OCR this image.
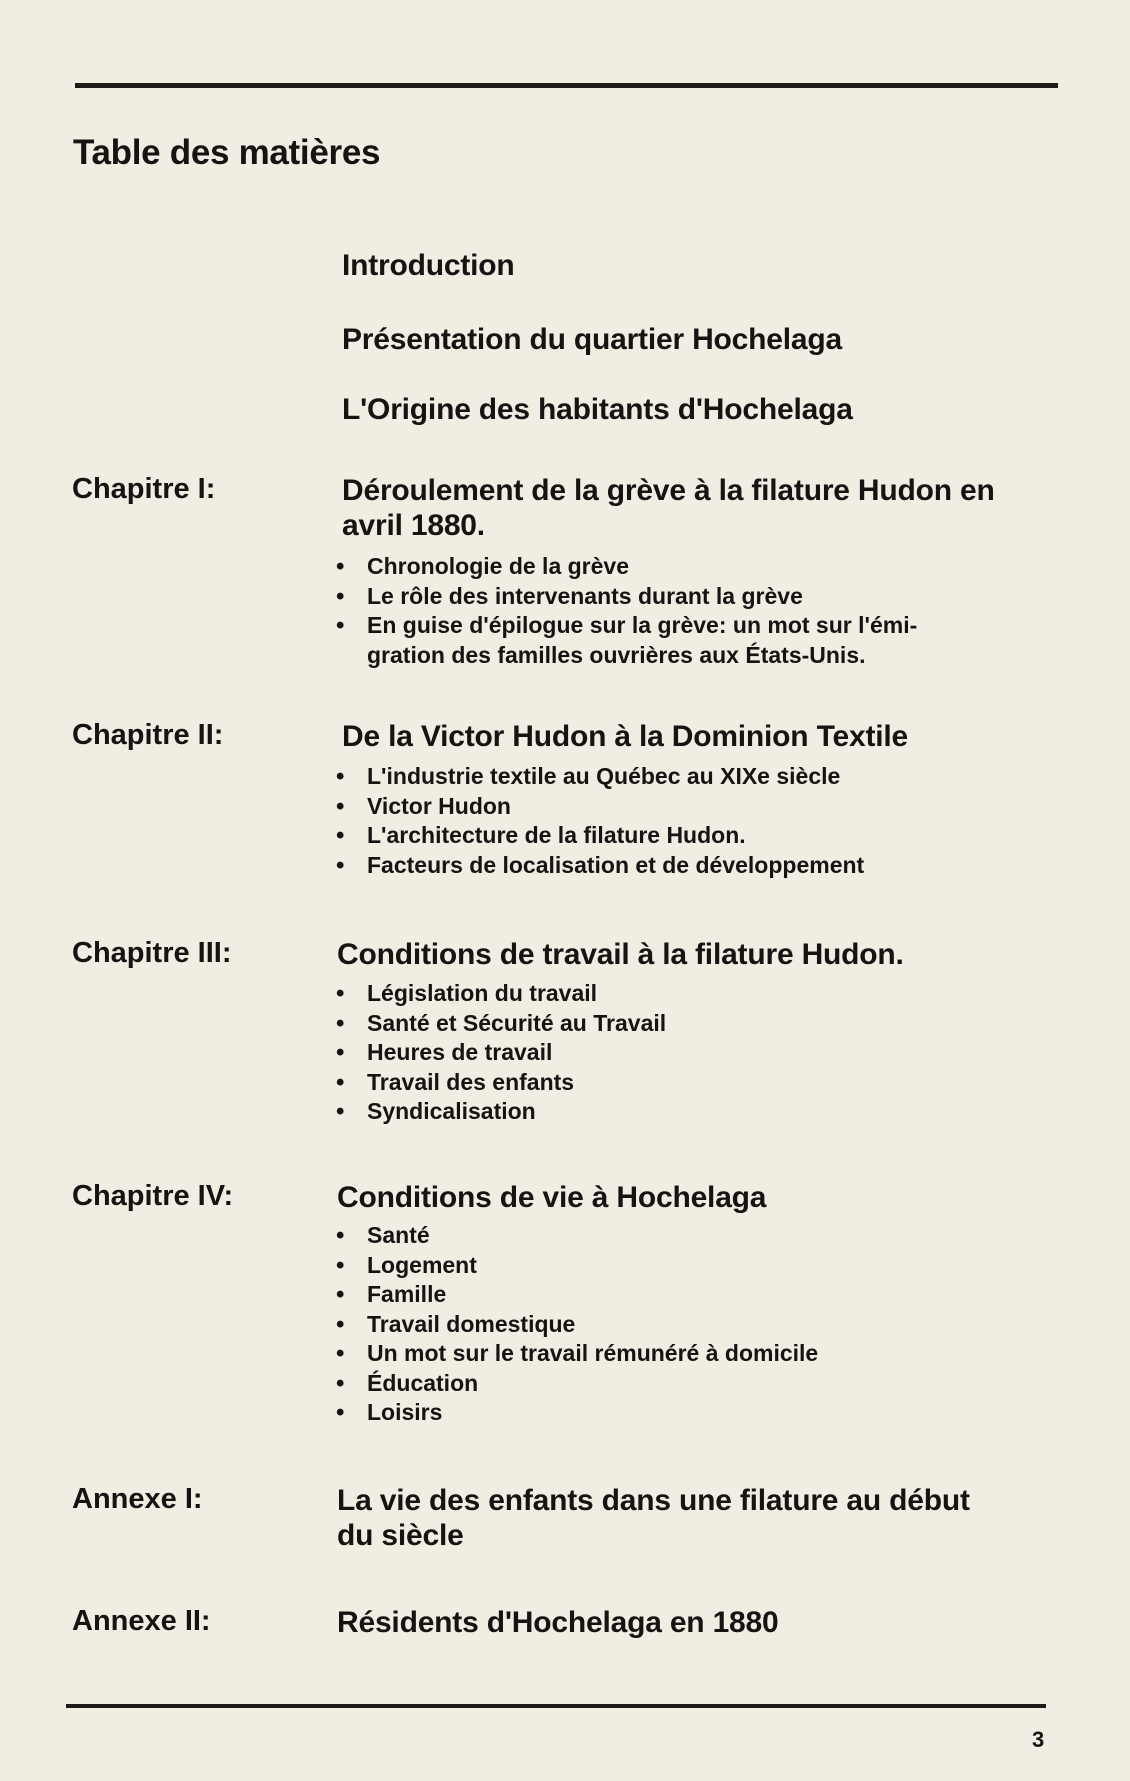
Table des matières
Introduction
Présentation du quartier Hochelaga
L'Origine des habitants d'Hochelaga
Chapitre I:	Déroulement de la grève à la filature Hudon en
avril 1880.
• Chronologie de la grève
• Le rôle des intervenants durant la grève
• En guise d'épilogue sur la grève: un mot sur l'émi-
gration des familles ouvrières aux États-Unis.
Chapitre II:	De la Victor Hudon à la Dominion Textile
• L'industrie textile au Québec au XIXe siècle
• Victor Hudon
• L'architecture de la filature Hudon.
• Facteurs de localisation et de développement
Chapitre III:	Conditions de travail à la filature Hudon.
• Législation du travail
• Santé et Sécurité au Travail
• Heures de travail
• Travail des enfants
• Syndicalisation
Chapitre IV:	Conditions de vie à Hochelaga
• Santé
• Logement
• Famille
• Travail domestique
• Un mot sur le travail rémunéré à domicile
• Éducation
• Loisirs
Annexe I:	La vie des enfants dans une filature au début
du siècle
Annexe II:	Résidents d'Hochelaga en 1880
3
